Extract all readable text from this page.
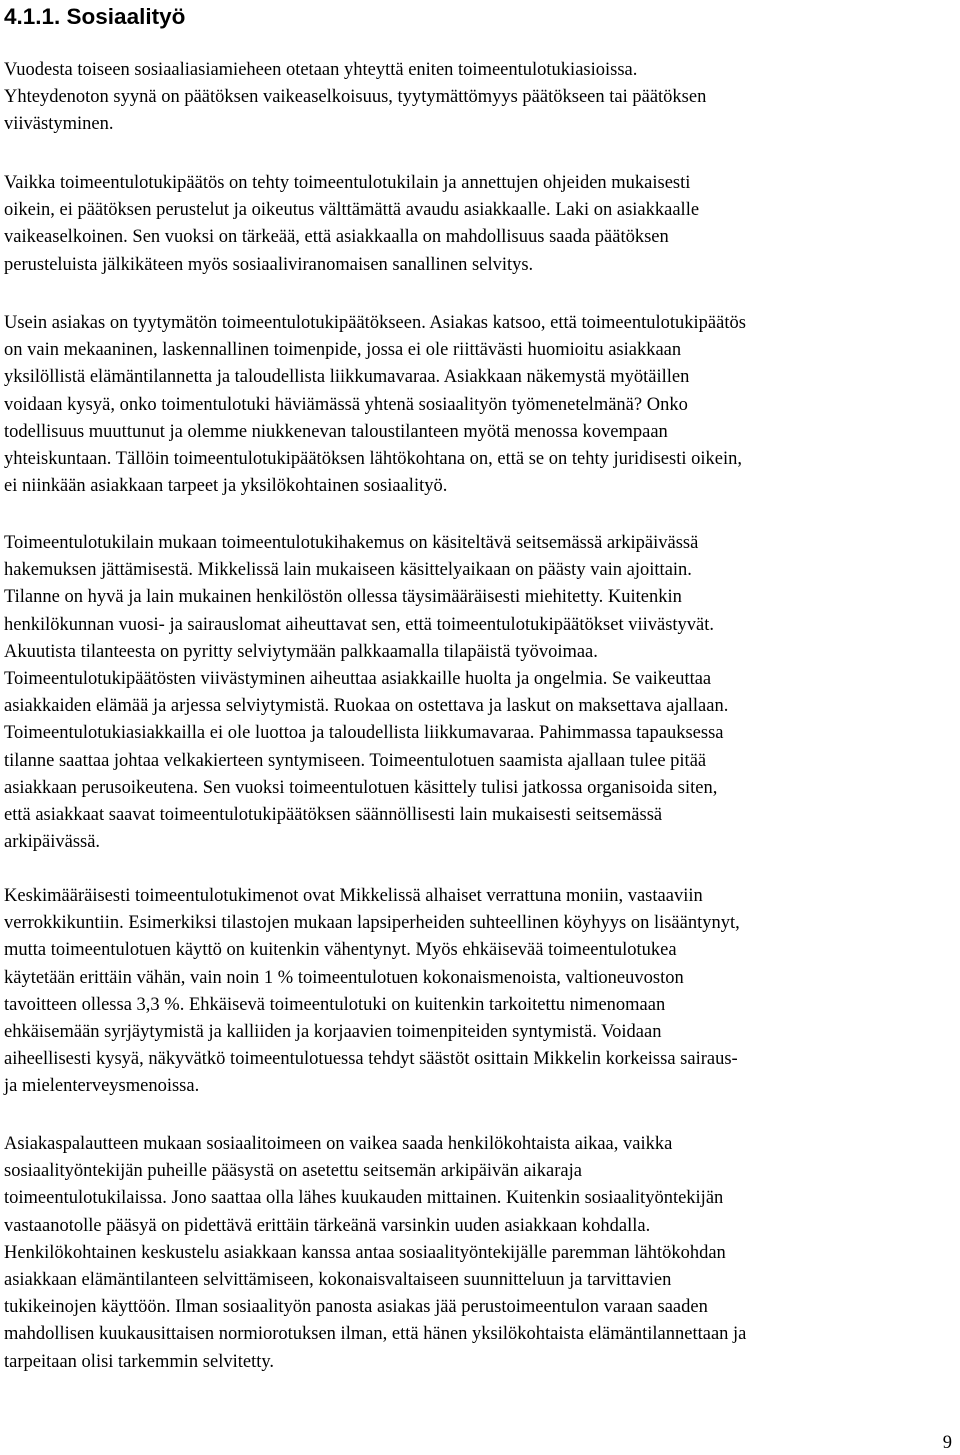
4.1.1. Sosiaalityö

Vuodesta toiseen sosiaaliasiamieheen otetaan yhteyttä eniten toimeentulotukiasioissa.
Yhteydenoton syynä on päätöksen vaikeaselkoisuus, tyytymättömyys päätökseen tai päätöksen
viivästyminen.

Vaikka toimeentulotukipäätös on tehty toimeentulotukilain ja annettujen ohjeiden mukaisesti
oikein, ei päätöksen perustelut ja oikeutus välttämättä avaudu asiakkaalle. Laki on asiakkaalle
vaikeaselkoinen. Sen vuoksi on tärkeää, että asiakkaalla on mahdollisuus saada päätöksen
perusteluista jälkikäteen myös sosiaaliviranomaisen sanallinen selvitys.

Usein asiakas on tyytymätön toimeentulotukipäätökseen. Asiakas katsoo, että toimeentulotukipäätös
on vain mekaaninen, laskennallinen toimenpide, jossa ei ole riittävästi huomioitu asiakkaan
yksilöllistä elämäntilannetta ja taloudellista liikkumavaraa. Asiakkaan näkemystä myötäillen
voidaan kysyä, onko toimentulotuki häviämässä yhtenä sosiaalityön työmenetelmänä? Onko
todellisuus muuttunut ja olemme niukkenevan taloustilanteen myötä menossa kovempaan
yhteiskuntaan. Tällöin toimeentulotukipäätöksen lähtökohtana on, että se on tehty juridisesti oikein,
ei niinkään asiakkaan tarpeet ja yksilökohtainen sosiaalityö.

Toimeentulotukilain mukaan toimeentulotukihakemus on käsiteltävä seitsemässä arkipäivässä
hakemuksen jättämisestä. Mikkelissä lain mukaiseen käsittelyaikaan on päästy vain ajoittain.
Tilanne on hyvä ja lain mukainen henkilöstön ollessa täysimääräisesti miehitetty. Kuitenkin
henkilökunnan vuosi- ja sairauslomat aiheuttavat sen, että toimeentulotukipäätökset viivästyvät.
Akuutista tilanteesta on pyritty selviytymään palkkaamalla tilapäistä työvoimaa.
Toimeentulotukipäätösten viivästyminen aiheuttaa asiakkaille huolta ja ongelmia. Se vaikeuttaa
asiakkaiden elämää ja arjessa selviytymistä. Ruokaa on ostettava ja laskut on maksettava ajallaan.
Toimeentulotukiasiakkailla ei ole luottoa ja taloudellista liikkumavaraa. Pahimmassa tapauksessa
tilanne saattaa johtaa velkakierteen syntymiseen. Toimeentulotuen saamista ajallaan tulee pitää
asiakkaan perusoikeutena. Sen vuoksi toimeentulotuen käsittely tulisi jatkossa organisoida siten,
että asiakkaat saavat toimeentulotukipäätöksen säännöllisesti lain mukaisesti seitsemässä
arkipäivässä.

Keskimääräisesti toimeentulotukimenot ovat Mikkelissä alhaiset verrattuna moniin, vastaaviin
verrokkikuntiin. Esimerkiksi tilastojen mukaan lapsiperheiden suhteellinen köyhyys on lisääntynyt,
mutta toimeentulotuen käyttö on kuitenkin vähentynyt. Myös ehkäisevää toimeentulotukea
käytetään erittäin vähän, vain noin 1 % toimeentulotuen kokonaismenoista, valtioneuvoston
tavoitteen ollessa 3,3 %. Ehkäisevä toimeentulotuki on kuitenkin tarkoitettu nimenomaan
ehkäisemään syrjäytymistä ja kalliiden ja korjaavien toimenpiteiden syntymistä. Voidaan
aiheellisesti kysyä, näkyvätkö toimeentulotuessa tehdyt säästöt osittain Mikkelin korkeissa sairaus-
ja mielenterveysmenoissa.

Asiakaspalautteen mukaan sosiaalitoimeen on vaikea saada henkilökohtaista aikaa, vaikka
sosiaalityöntekijän puheille pääsystä on asetettu seitsemän arkipäivän aikaraja
toimeentulotukilaissa. Jono saattaa olla lähes kuukauden mittainen. Kuitenkin sosiaalityöntekijän
vastaanotolle pääsyä on pidettävä erittäin tärkeänä varsinkin uuden asiakkaan kohdalla.
Henkilökohtainen keskustelu asiakkaan kanssa antaa sosiaalityöntekijälle paremman lähtökohdan
asiakkaan elämäntilanteen selvittämiseen, kokonaisvaltaiseen suunnitteluun ja tarvittavien
tukikeinojen käyttöön. Ilman sosiaalityön panosta asiakas jää perustoimeentulon varaan saaden
mahdollisen kuukausittaisen normiorotuksen ilman, että hänen yksilökohtaista elämäntilannettaan ja
tarpeitaan olisi tarkemmin selvitetty.

9
